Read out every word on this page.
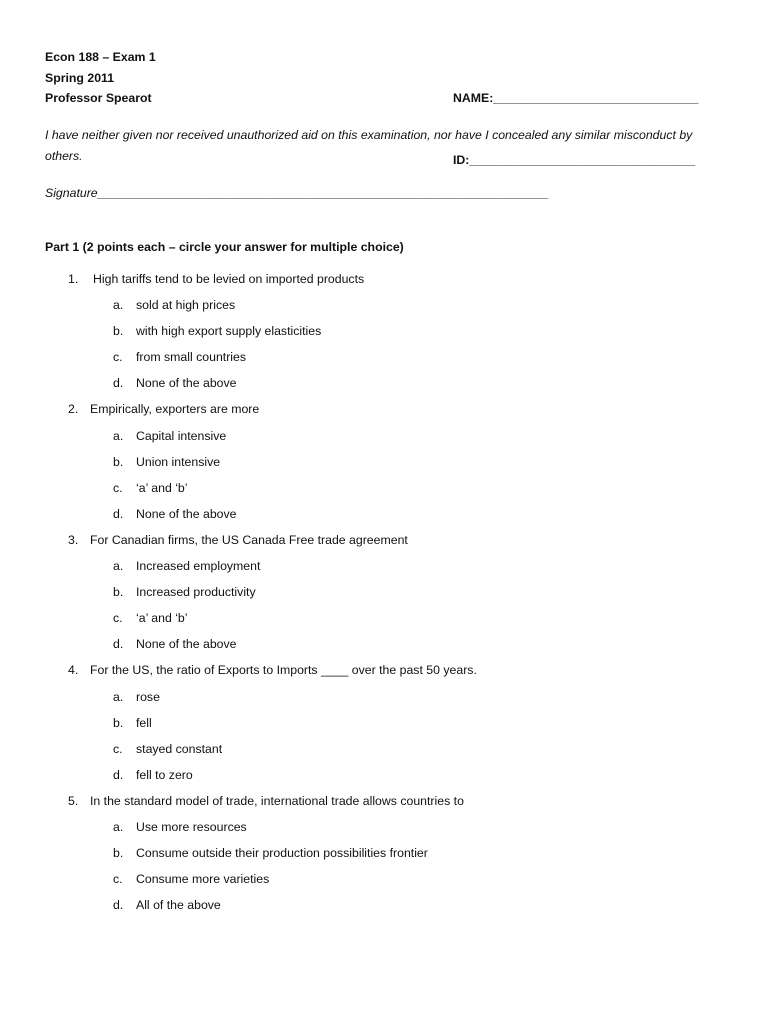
Econ 188 – Exam 1
Spring 2011
Professor Spearot

	NAME:______________________________

ID:_________________________________

I have neither given nor received unauthorized aid on this examination, nor have I concealed any similar misconduct by others.
Signature__________________________________________________________________
Part 1 (2 points each – circle your answer for multiple choice)
1. High tariffs tend to be levied on imported products
a. sold at high prices
b. with high export supply elasticities
c. from small countries
d. None of the above
2. Empirically, exporters are more
a. Capital intensive
b. Union intensive
c. ‘a’ and ‘b’
d. None of the above
3. For Canadian firms, the US Canada Free trade agreement
a. Increased employment
b. Increased productivity
c. ‘a’ and ‘b’
d. None of the above
4. For the US, the ratio of Exports to Imports ____ over the past 50 years.
a. rose
b. fell
c. stayed constant
d. fell to zero
5. In the standard model of trade, international trade allows countries to
a. Use more resources
b. Consume outside their production possibilities frontier
c. Consume more varieties
d. All of the above
